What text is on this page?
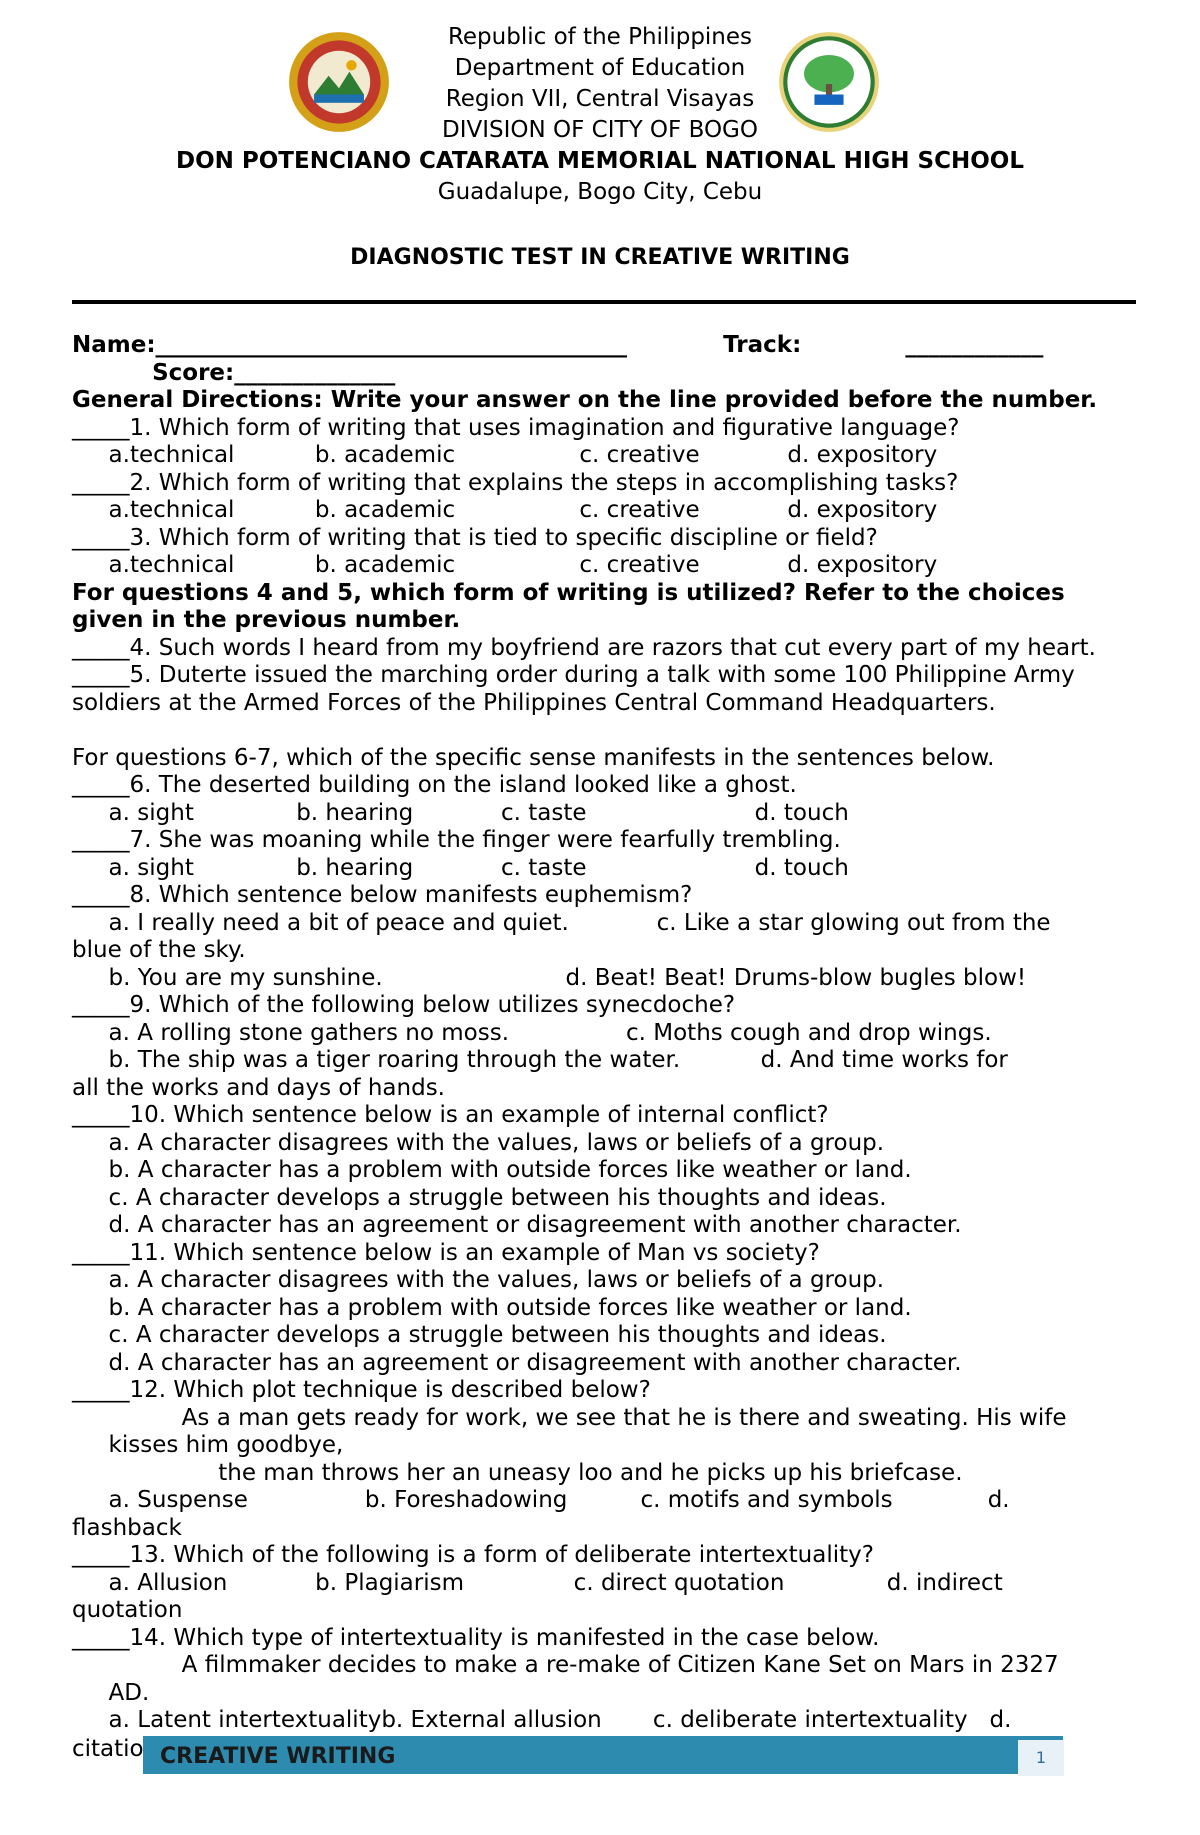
Republic of the Philippines
Department of Education
Region VII, Central Visayas
DIVISION OF CITY OF BOGO
DON POTENCIANO CATARATA MEMORIAL NATIONAL HIGH SCHOOL
Guadalupe, Bogo City, Cebu
DIAGNOSTIC TEST IN CREATIVE WRITING
Name:_________________________________________            Track:             ____________
Score:______________
General Directions: Write your answer on the line provided before the number.
_____1. Which form of writing that uses imagination and figurative language?
a.technical           b. academic                 c. creative            d. expository
_____2. Which form of writing that explains the steps in accomplishing tasks?
a.technical           b. academic                 c. creative            d. expository
_____3. Which form of writing that is tied to specific discipline or field?
a.technical           b. academic                 c. creative            d. expository
For questions 4 and 5, which form of writing is utilized? Refer to the choices
given in the previous number.
_____4. Such words I heard from my boyfriend are razors that cut every part of my heart.
_____5. Duterte issued the marching order during a talk with some 100 Philippine Army
soldiers at the Armed Forces of the Philippines Central Command Headquarters.
For questions 6-7, which of the specific sense manifests in the sentences below.
_____6. The deserted building on the island looked like a ghost.
a. sight              b. hearing            c. taste                       d. touch
_____7. She was moaning while the finger were fearfully trembling.
a. sight              b. hearing            c. taste                       d. touch
_____8. Which sentence below manifests euphemism?
a. I really need a bit of peace and quiet.            c. Like a star glowing out from the
blue of the sky.
b. You are my sunshine.                         d. Beat! Beat! Drums-blow bugles blow!
_____9. Which of the following below utilizes synecdoche?
a. A rolling stone gathers no moss.                c. Moths cough and drop wings.
b. The ship was a tiger roaring through the water.           d. And time works for
all the works and days of hands.
_____10. Which sentence below is an example of internal conflict?
a. A character disagrees with the values, laws or beliefs of a group.
b. A character has a problem with outside forces like weather or land.
c. A character develops a struggle between his thoughts and ideas.
d. A character has an agreement or disagreement with another character.
_____11. Which sentence below is an example of Man vs society?
a. A character disagrees with the values, laws or beliefs of a group.
b. A character has a problem with outside forces like weather or land.
c. A character develops a struggle between his thoughts and ideas.
d. A character has an agreement or disagreement with another character.
_____12. Which plot technique is described below?
As a man gets ready for work, we see that he is there and sweating. His wife
kisses him goodbye,
the man throws her an uneasy loo and he picks up his briefcase.
a. Suspense                b. Foreshadowing          c. motifs and symbols             d.
flashback
_____13. Which of the following is a form of deliberate intertextuality?
a. Allusion            b. Plagiarism               c. direct quotation              d. indirect
quotation
_____14. Which type of intertextuality is manifested in the case below.
A filmmaker decides to make a re-make of Citizen Kane Set on Mars in 2327
AD.
a. Latent intertextualityb. External allusion       c. deliberate intertextuality   d.
citatio CREATIVE WRITING	1
